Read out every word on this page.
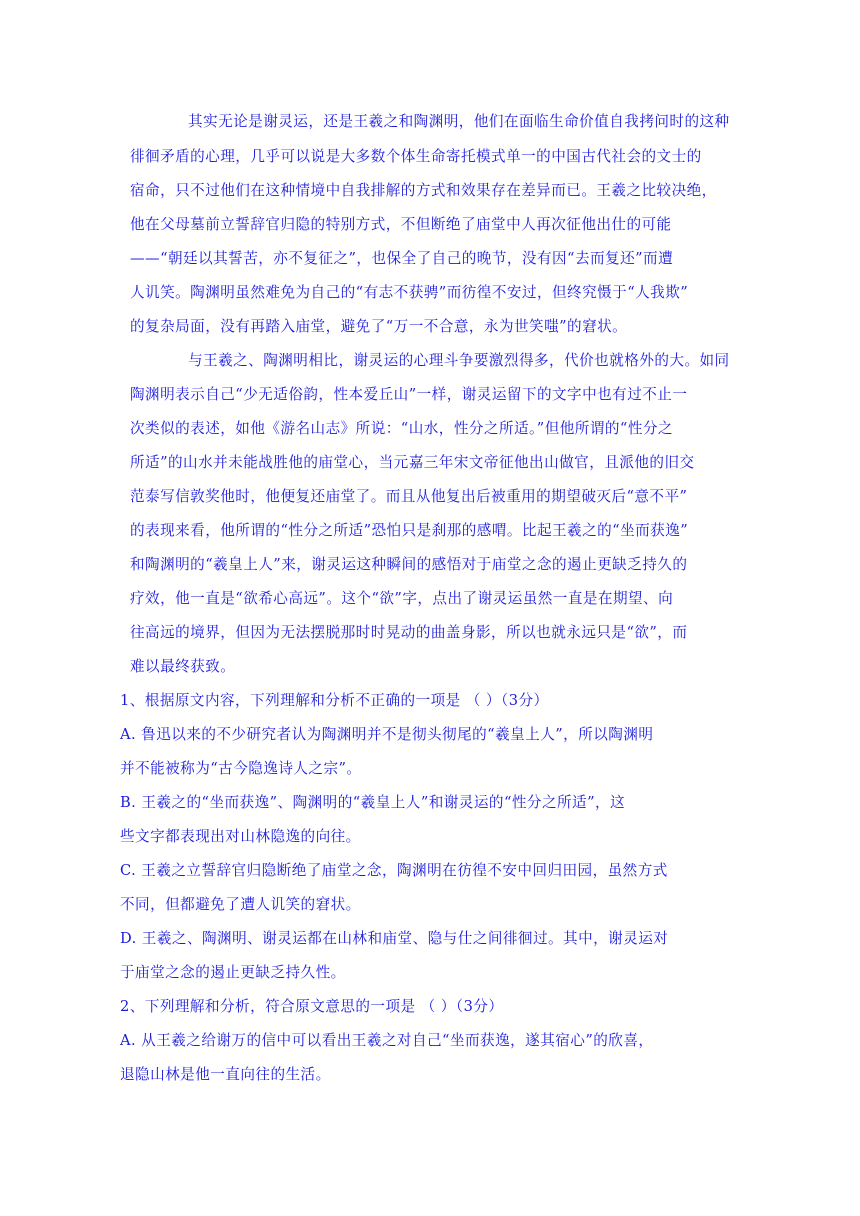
其实无论是谢灵运，还是王羲之和陶渊明，他们在面临生命价值自我拷问时的这种
徘徊矛盾的心理，几乎可以说是大多数个体生命寄托模式单一的中国古代社会的文士的
宿命，只不过他们在这种情境中自我排解的方式和效果存在差异而已。王羲之比较决绝，
他在父母墓前立誓辞官归隐的特别方式，不但断绝了庙堂中人再次征他出仕的可能
——“朝廷以其誓苦，亦不复征之”，也保全了自己的晚节，没有因“去而复还”而遭
人讥笑。陶渊明虽然难免为自己的“有志不获骋”而彷徨不安过，但终究慑于“人我欺”
的复杂局面，没有再踏入庙堂，避免了“万一不合意，永为世笑嗤”的窘状。
与王羲之、陶渊明相比，谢灵运的心理斗争要激烈得多，代价也就格外的大。如同
陶渊明表示自己“少无适俗韵，性本爱丘山”一样，谢灵运留下的文字中也有过不止一
次类似的表述，如他《游名山志》所说：“山水，性分之所适。”但他所谓的“性分之
所适”的山水并未能战胜他的庙堂心，当元嘉三年宋文帝征他出山做官，且派他的旧交
范泰写信敦奖他时，他便复还庙堂了。而且从他复出后被重用的期望破灭后“意不平”
的表现来看，他所谓的“性分之所适”恐怕只是刹那的感喟。比起王羲之的“坐而获逸”
和陶渊明的“羲皇上人”来，谢灵运这种瞬间的感悟对于庙堂之念的遏止更缺乏持久的
疗效，他一直是“欲希心高远”。这个“欲”字，点出了谢灵运虽然一直是在期望、向
往高远的境界，但因为无法摆脱那时时晃动的曲盖身影，所以也就永远只是“欲”，而
难以最终获致。
1、根据原文内容，下列理解和分析不正确的一项是 （ ）（3分）
A. 鲁迅以来的不少研究者认为陶渊明并不是彻头彻尾的“羲皇上人”，所以陶渊明
并不能被称为“古今隐逸诗人之宗”。
B. 王羲之的“坐而获逸”、陶渊明的“羲皇上人”和谢灵运的“性分之所适”，这
些文字都表现出对山林隐逸的向往。
C. 王羲之立誓辞官归隐断绝了庙堂之念，陶渊明在彷徨不安中回归田园，虽然方式
不同，但都避免了遭人讥笑的窘状。
D. 王羲之、陶渊明、谢灵运都在山林和庙堂、隐与仕之间徘徊过。其中，谢灵运对
于庙堂之念的遏止更缺乏持久性。
2、下列理解和分析，符合原文意思的一项是 （ ）（3分）
A. 从王羲之给谢万的信中可以看出王羲之对自己“坐而获逸，遂其宿心”的欣喜，
退隐山林是他一直向往的生活。
